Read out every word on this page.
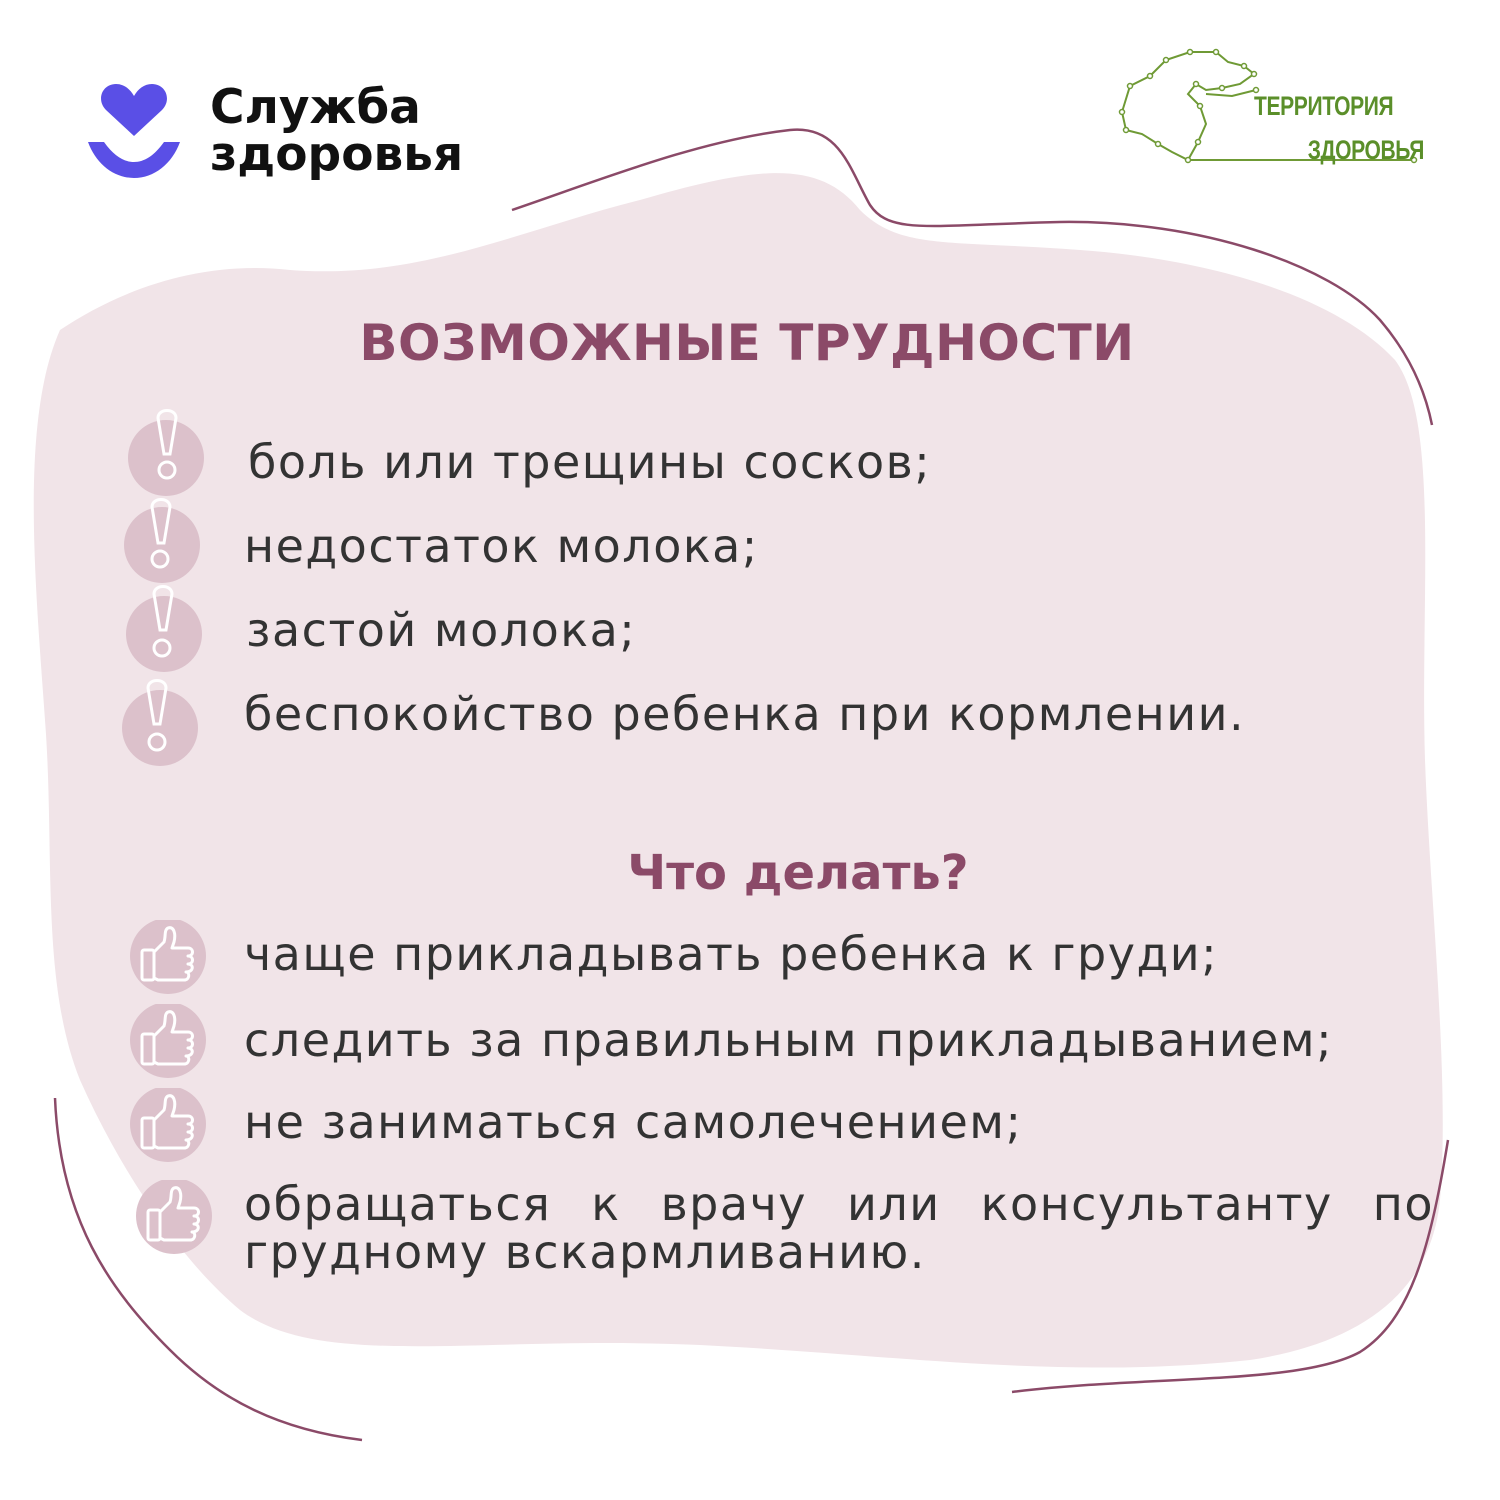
Служба
здоровья
ТЕРРИТОРИЯ
ЗДОРОВЬЯ
ВОЗМОЖНЫЕ ТРУДНОСТИ
боль или трещины сосков;
недостаток молока;
застой молока;
беспокойство ребенка при кормлении.
Что делать?
чаще прикладывать ребенка к груди;
следить за правильным прикладыванием;
не заниматься самолечением;
обращаться к врачу или консультанту по грудному вскармливанию.
